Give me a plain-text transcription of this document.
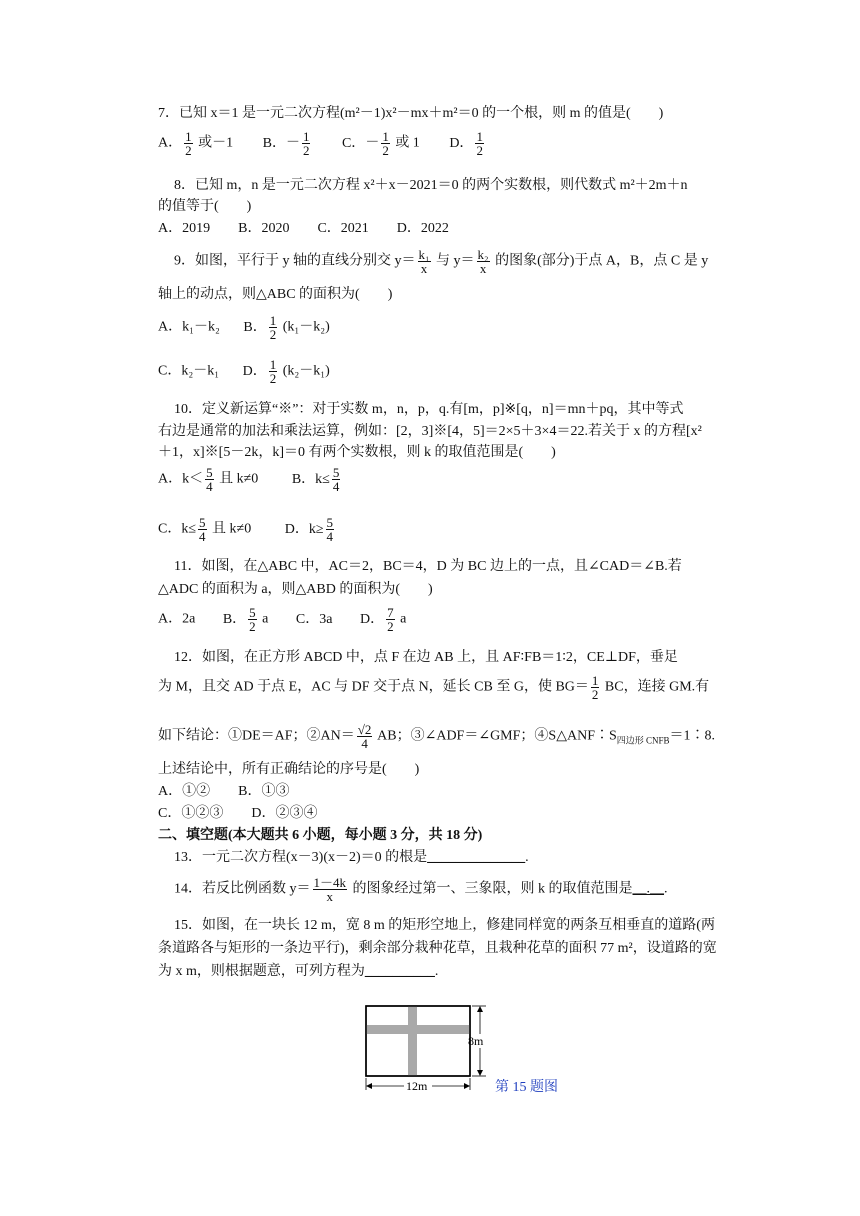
7．已知 x＝1 是一元二次方程(m²－1)x²－mx＋m²＝0 的一个根，则 m 的值是(　　)
A． $\frac{1}{2}$ 或－1 B．－ $\frac{1}{2}$ C．－ $\frac{1}{2}$ 或 1 D． $\frac{1}{2}$
8．已知 m，n 是一元二次方程 x²＋x－2021＝0 的两个实数根，则代数式 m²＋2m＋n
的值等于(　　)
A．2019　　B．2020　　C．2021　　D．2022
9．如图，平行于 y 轴的直线分别交 $y= \frac{\text{k₁}}{x}$ 与 $y= \frac{\text{k₂}}{x}$ 的图象(部分)于点 A，B，点 C 是 y
轴上的动点，则△ABC 的面积为(　　)
A．k₁－k₂ B． $\frac{1}{2} (k_1-k_2)$
C．k₂－k₁ D． $\frac{1}{2} (k_2-k_1)$
10．定义新运算“※”：对于实数 m，n，p，q.有[m，p]※[q，n]＝mn＋pq，其中等式
右边是通常的加法和乘法运算，例如：[2，3]※[4，5]＝2×5＋3×4＝22.若关于 x 的方程[x²
＋1，x]※[5－2k，k]＝0 有两个实数根，则 k 的取值范围是(　　)
A．$k< \frac{5}{4}$ 且 k≠0 B．$k\le \frac{5}{4}$
C．$k\le \frac{5}{4}$ 且 k≠0 D．$k\ge \frac{5}{4}$
11．如图，在△ABC 中，AC＝2，BC＝4，D 为 BC 边上的一点，且∠CAD＝∠B.若
△ADC 的面积为 a，则△ABD 的面积为(　　)
A．2a B． $\frac{5}{2}$ a C．3a D． $\frac{7}{2}$ a
12．如图，在正方形 ABCD 中，点 F 在边 AB 上，且 AF∶FB＝1∶2，CE⊥DF，垂足
为 M，且交 AD 于点 E，AC 与 DF 交于点 N，延长 CB 至 G，使 $BG= \frac{1}{2}$ BC，连接 GM.有
如下结论：①DE＝AF；②AN＝ $\frac{√2}{4}$ AB；③∠ADF＝∠GMF；$④S\triangle ANF∶S_{四边形 CNFB}=1∶8$.
上述结论中，所有正确结论的序号是(　　)
A．①②　　B．①③
C．①②③　　D．②③④
二、填空题(本大题共 6 小题，每小题 3 分，共 18 分)
13．一元二次方程(x－3)(x－2)＝0 的根是______________.
14．若反比例函数 $y= \frac{1-4k}{x}$ 的图象经过第一、三象限，则 k 的取值范围是__.__.
15．如图，在一块长 12 m，宽 8 m 的矩形空地上，修建同样宽的两条互相垂直的道路(两
条道路各与矩形的一条边平行)，剩余部分栽种花草，且栽种花草的面积 77 m²，设道路的宽
为 x m，则根据题意，可列方程为__________.
8m
12m	第 15 题图
